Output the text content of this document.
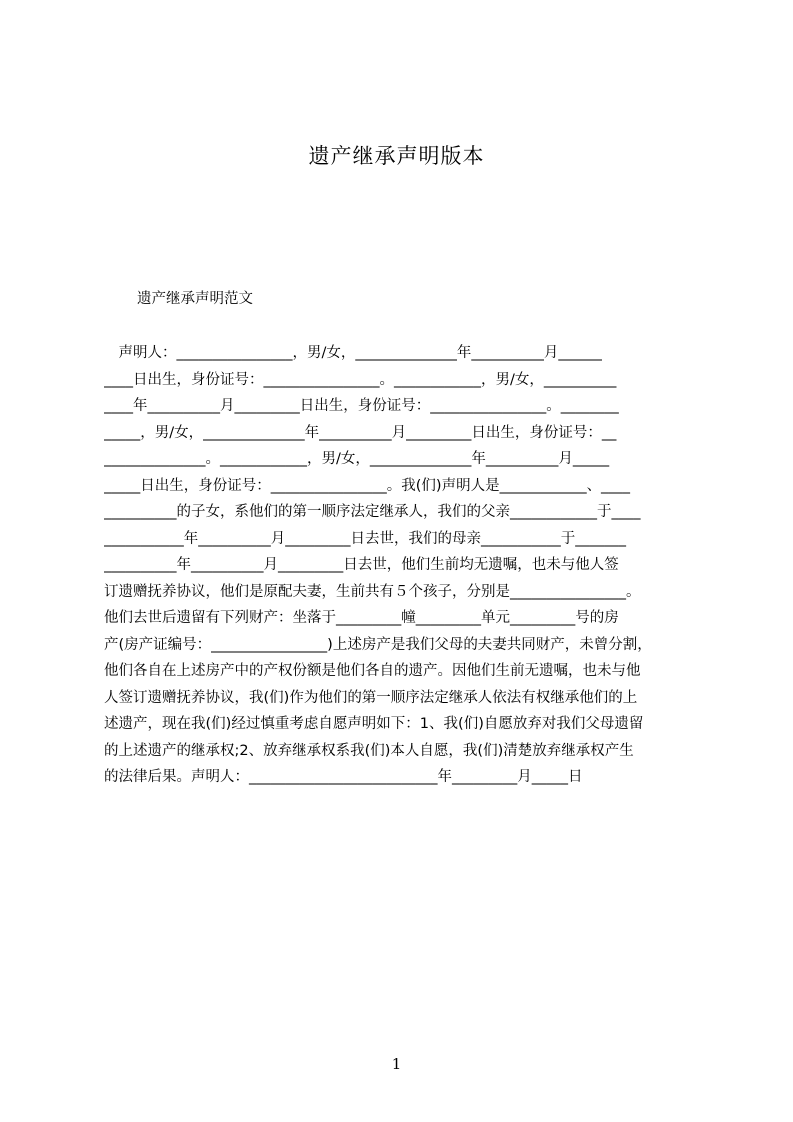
遗产继承声明版本
遗产继承声明范文
　声明人：________________，男/女，______________年__________月______
____日出生，身份证号：________________。____________，男/女，__________
____年__________月_________日出生，身份证号：________________。________
_____，男/女，______________年__________月_________日出生，身份证号：__
______________。____________，男/女，______________年__________月_____
_____日出生，身份证号：________________。我(们)声明人是____________、____
__________的子女，系他们的第一顺序法定继承人，我们的父亲____________于____
___________年__________月_________日去世，我们的母亲___________于_______
__________年__________月_________日去世，他们生前均无遗嘱，也未与他人签
订遗赠抚养协议，他们是原配夫妻，生前共有５个孩子，分别是________________。
他们去世后遗留有下列财产：坐落于_________幢_________单元_________号的房
产(房产证编号：________________)上述房产是我们父母的夫妻共同财产，未曾分割，
他们各自在上述房产中的产权份额是他们各自的遗产。因他们生前无遗嘱，也未与他
人签订遗赠抚养协议，我(们)作为他们的第一顺序法定继承人依法有权继承他们的上
述遗产，现在我(们)经过慎重考虑自愿声明如下：1、我(们)自愿放弃对我们父母遗留
的上述遗产的继承权;2、放弃继承权系我(们)本人自愿，我(们)清楚放弃继承权产生
的法律后果。声明人：__________________________年_________月_____日
1
